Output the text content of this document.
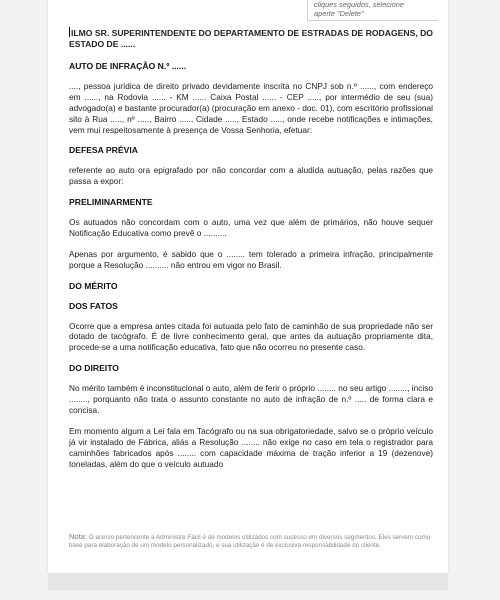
cliques seguidos, selecione
aperte "Delete"
ILMO SR. SUPERINTENDENTE DO DEPARTAMENTO DE ESTRADAS DE RODAGENS, DO ESTADO DE ......
AUTO DE INFRAÇÃO N.º ......

...., pessoa jurídica de direito privado devidamente inscrita no CNPJ sob n.º ......, com endereço em ......, na Rodovia ...... - KM ...... Caixa Postal ...... - CEP ....., por intermédio de seu (sua) advogado(a) e bastante procurador(a) (procuração em anexo - doc. 01), com escritório profissional sito à Rua ....., nº ....., Bairro ....., Cidade ....., Estado ....., onde recebe notificações e intimações, vem mui respeitosamente à presença de Vossa Senhoria, efetuar:

DEFESA PRÉVIA

referente ao auto ora epigrafado por não concordar com a aludida autuação, pelas razões que passa a expor:

PRELIMINARMENTE

Os autuados não concordam com o auto, uma vez que além de primários, não houve sequer Notificação Educativa como prevê o ..........

Apenas por argumento, é sabido que o ........ tem tolerado a primeira infração, principalmente porque a Resolução .......... não entrou em vigor no Brasil.

DO MÉRITO
DOS FATOS

Ocorre que a empresa antes citada foi autuada pelo fato de caminhão de sua propriedade não ser dotado de tacógrafo. É de livre conhecimento geral, que antes da autuação propriamente dita, procede-se a uma notificação educativa, fato que não ocorreu no presente caso.

DO DIREITO

No mérito também é inconstitucional o auto, além de ferir o próprio ........ no seu artigo ........, inciso ........, porquanto não trata o assunto constante no auto de infração de n.º ..... de forma clara e concisa.

Em momento algum a Lei fala em Tacógrafo ou na sua obrigatoriedade, salvo se o próprio veículo já vir instalado de Fábrica, aliás a Resolução ........ não exige no caso em tela o registrador para caminhões fabricados após ........ com capacidade máxima de tração inferior a 19 (dezenove) toneladas, além do que o veículo autuado

Nota: O acervo pertencente a Administre Fácil é de modelos utilizados com sucesso em diversos segmentos. Eles servem como base para elaboração de um modelo personalizado, e sua utilização é de exclusiva responsabilidade do cliente.
